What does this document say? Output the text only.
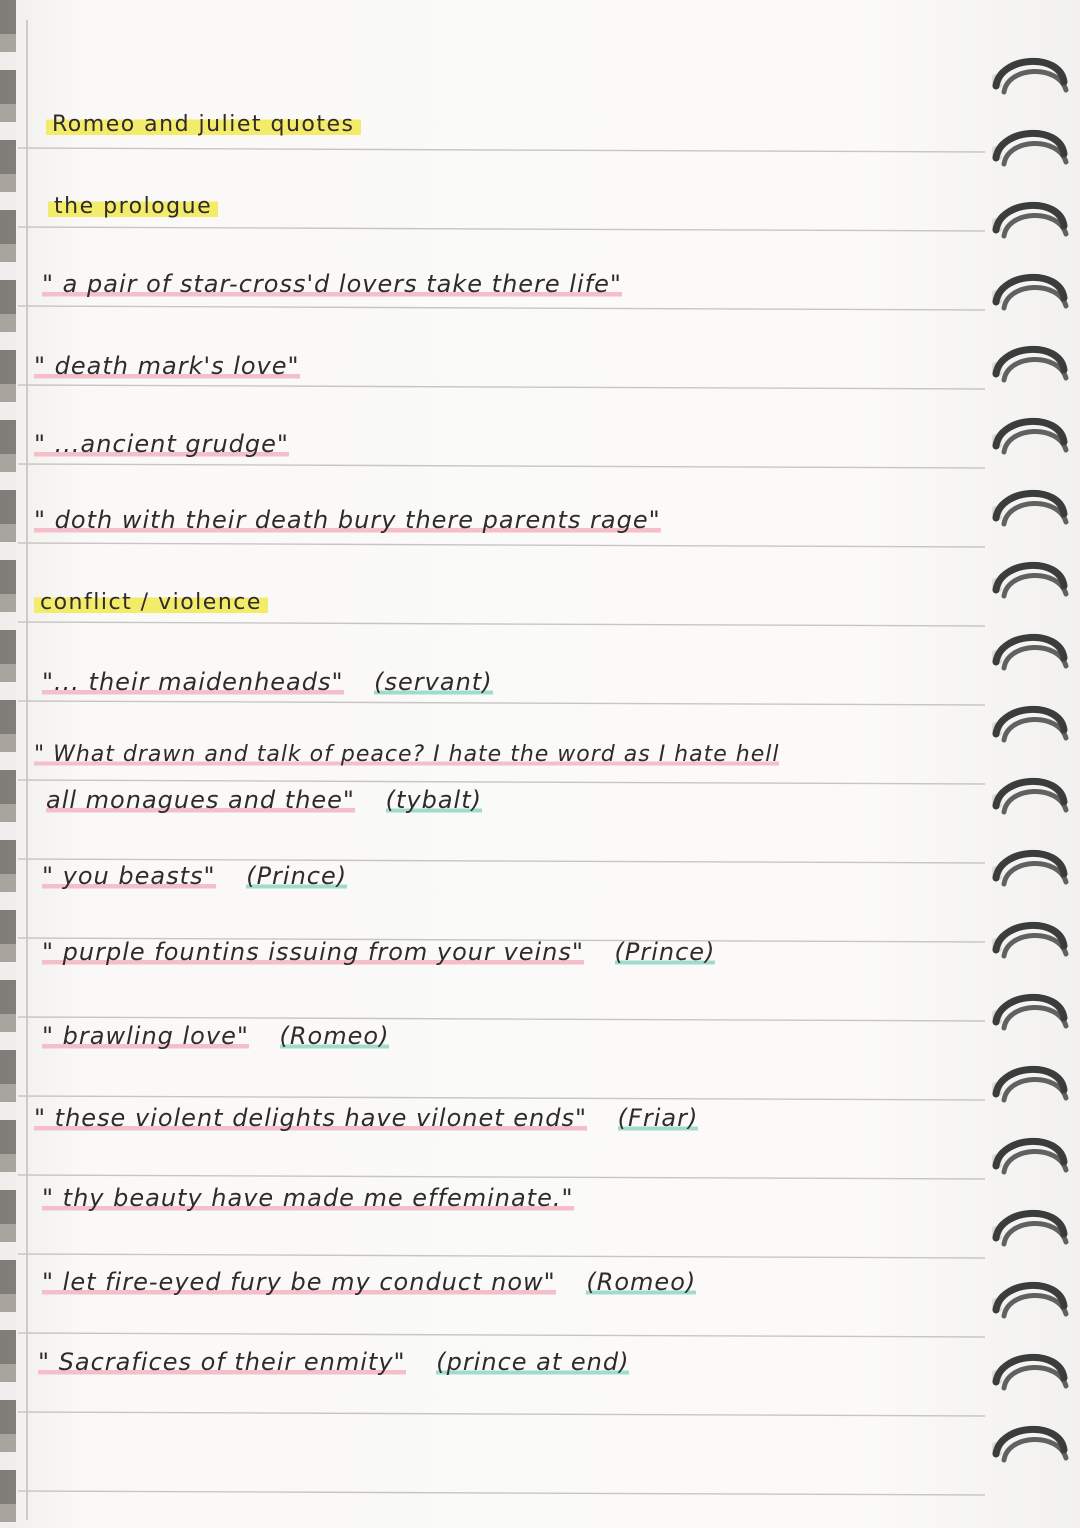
Romeo and juliet quotes
the prologue
" a pair of star-cross'd lovers take there life"
" death mark's love"
" ...ancient grudge"
" doth with their death bury there parents rage"
conflict / violence
"... their maidenheads" (servant)
" What drawn and talk of peace? I hate the word as I hate hell
all monagues and thee" (tybalt)
" you beasts" (Prince)
" purple fountins issuing from your veins" (Prince)
" brawling love" (Romeo)
" these violent delights have vilonet ends" (Friar)
" thy beauty have made me effeminate."
" let fire-eyed fury be my conduct now" (Romeo)
" Sacrafices of their enmity" (prince at end)
